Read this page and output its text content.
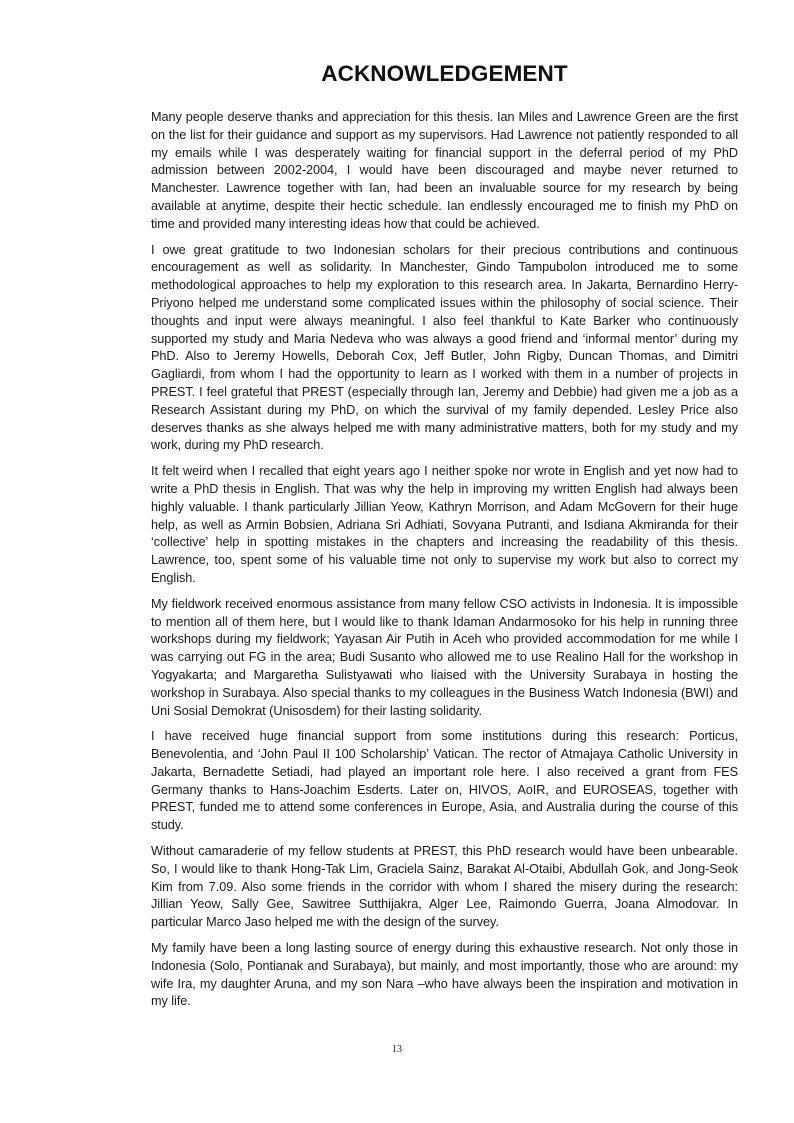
ACKNOWLEDGEMENT

Many people deserve thanks and appreciation for this thesis. Ian Miles and Lawrence Green are the first on the list for their guidance and support as my supervisors. Had Lawrence not patiently responded to all my emails while I was desperately waiting for financial support in the deferral period of my PhD admission between 2002-2004, I would have been discouraged and maybe never returned to Manchester. Lawrence together with Ian, had been an invaluable source for my research by being available at anytime, despite their hectic schedule. Ian endlessly encouraged me to finish my PhD on time and provided many interesting ideas how that could be achieved.

I owe great gratitude to two Indonesian scholars for their precious contributions and continuous encouragement as well as solidarity. In Manchester, Gindo Tampubolon introduced me to some methodological approaches to help my exploration to this research area. In Jakarta, Bernardino Herry-Priyono helped me understand some complicated issues within the philosophy of social science. Their thoughts and input were always meaningful. I also feel thankful to Kate Barker who continuously supported my study and Maria Nedeva who was always a good friend and ‘informal mentor’ during my PhD. Also to Jeremy Howells, Deborah Cox, Jeff Butler, John Rigby, Duncan Thomas, and Dimitri Gagliardi, from whom I had the opportunity to learn as I worked with them in a number of projects in PREST. I feel grateful that PREST (especially through Ian, Jeremy and Debbie) had given me a job as a Research Assistant during my PhD, on which the survival of my family depended. Lesley Price also deserves thanks as she always helped me with many administrative matters, both for my study and my work, during my PhD research.

It felt weird when I recalled that eight years ago I neither spoke nor wrote in English and yet now had to write a PhD thesis in English. That was why the help in improving my written English had always been highly valuable. I thank particularly Jillian Yeow, Kathryn Morrison, and Adam McGovern for their huge help, as well as Armin Bobsien, Adriana Sri Adhiati, Sovyana Putranti, and Isdiana Akmiranda for their ‘collective’ help in spotting mistakes in the chapters and increasing the readability of this thesis. Lawrence, too, spent some of his valuable time not only to supervise my work but also to correct my English.

My fieldwork received enormous assistance from many fellow CSO activists in Indonesia. It is impossible to mention all of them here, but I would like to thank Idaman Andarmosoko for his help in running three workshops during my fieldwork; Yayasan Air Putih in Aceh who provided accommodation for me while I was carrying out FG in the area; Budi Susanto who allowed me to use Realino Hall for the workshop in Yogyakarta; and Margaretha Sulistyawati who liaised with the University Surabaya in hosting the workshop in Surabaya. Also special thanks to my colleagues in the Business Watch Indonesia (BWI) and Uni Sosial Demokrat (Unisosdem) for their lasting solidarity.

I have received huge financial support from some institutions during this research: Porticus, Benevolentia, and ‘John Paul II 100 Scholarship’ Vatican. The rector of Atmajaya Catholic University in Jakarta, Bernadette Setiadi, had played an important role here. I also received a grant from FES Germany thanks to Hans-Joachim Esderts. Later on, HIVOS, AoIR, and EUROSEAS, together with PREST, funded me to attend some conferences in Europe, Asia, and Australia during the course of this study.

Without camaraderie of my fellow students at PREST, this PhD research would have been unbearable. So, I would like to thank Hong-Tak Lim, Graciela Sainz, Barakat Al-Otaibi, Abdullah Gok, and Jong-Seok Kim from 7.09. Also some friends in the corridor with whom I shared the misery during the research: Jillian Yeow, Sally Gee, Sawitree Sutthijakra, Alger Lee, Raimondo Guerra, Joana Almodovar. In particular Marco Jaso helped me with the design of the survey.

My family have been a long lasting source of energy during this exhaustive research. Not only those in Indonesia (Solo, Pontianak and Surabaya), but mainly, and most importantly, those who are around: my wife Ira, my daughter Aruna, and my son Nara –who have always been the inspiration and motivation in my life.

13
